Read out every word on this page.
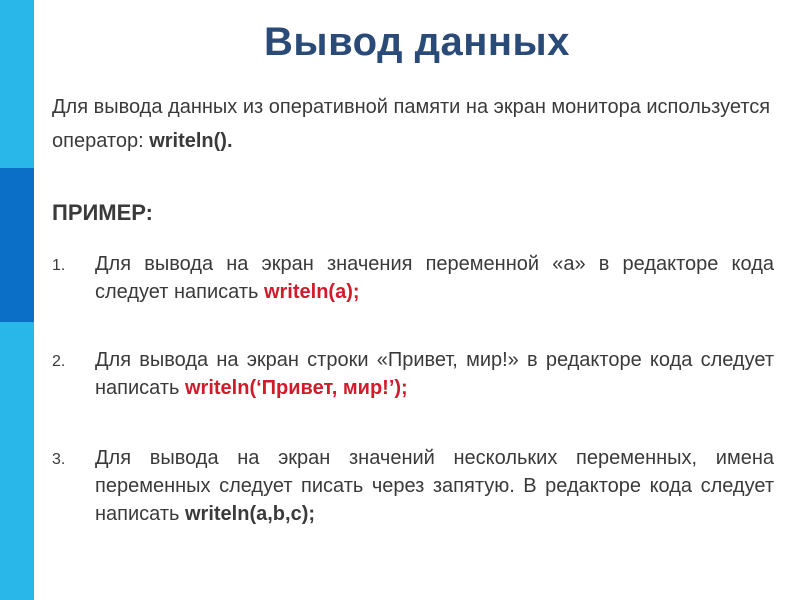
Вывод данных

Для вывода данных из оперативной памяти на экран монитора используется оператор: writeln().

ПРИМЕР:

1.	Для вывода на экран значения переменной «а» в редакторе кода следует написать writeln(a);
2.	Для вывода на экран строки «Привет, мир!» в редакторе кода следует написать writeln(‘Привет, мир!’);
3.	Для вывода на экран значений нескольких переменных, имена переменных следует писать через запятую. В редакторе кода следует написать writeln(a,b,c);
